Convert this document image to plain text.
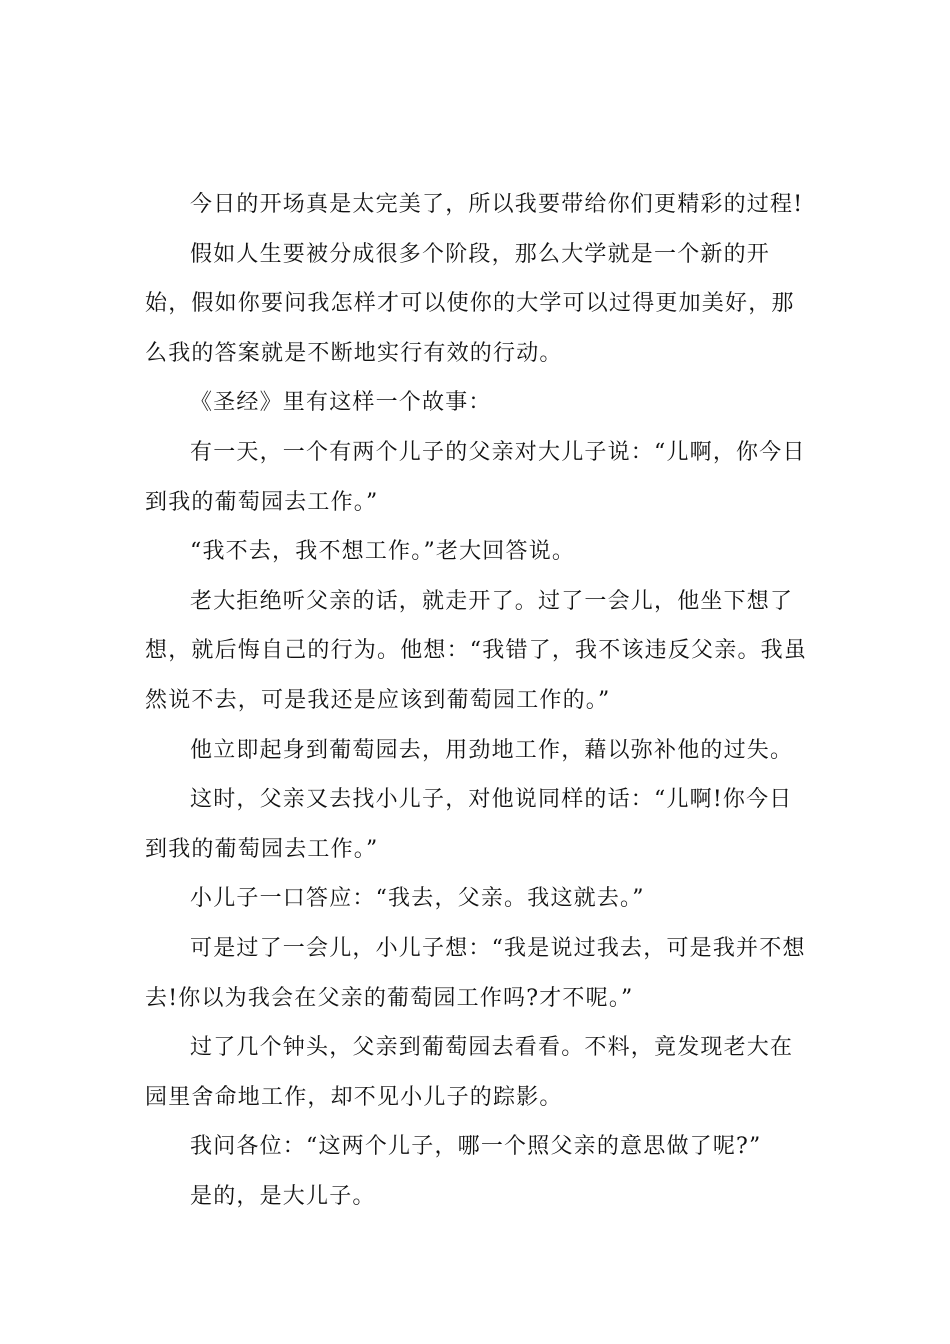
今日的开场真是太完美了，所以我要带给你们更精彩的过程!

假如人生要被分成很多个阶段，那么大学就是一个新的开始，假如你要问我怎样才可以使你的大学可以过得更加美好，那么我的答案就是不断地实行有效的行动。

《圣经》里有这样一个故事：

有一天，一个有两个儿子的父亲对大儿子说：“儿啊，你今日到我的葡萄园去工作。”

“我不去，我不想工作。”老大回答说。

老大拒绝听父亲的话，就走开了。过了一会儿，他坐下想了想，就后悔自己的行为。他想：“我错了，我不该违反父亲。我虽然说不去，可是我还是应该到葡萄园工作的。”

他立即起身到葡萄园去，用劲地工作，藉以弥补他的过失。

这时，父亲又去找小儿子，对他说同样的话：“儿啊!你今日到我的葡萄园去工作。”

小儿子一口答应：“我去，父亲。我这就去。”

可是过了一会儿，小儿子想：“我是说过我去，可是我并不想去!你以为我会在父亲的葡萄园工作吗?才不呢。”

过了几个钟头，父亲到葡萄园去看看。不料，竟发现老大在园里舍命地工作，却不见小儿子的踪影。

我问各位：“这两个儿子，哪一个照父亲的意思做了呢?”

是的，是大儿子。
